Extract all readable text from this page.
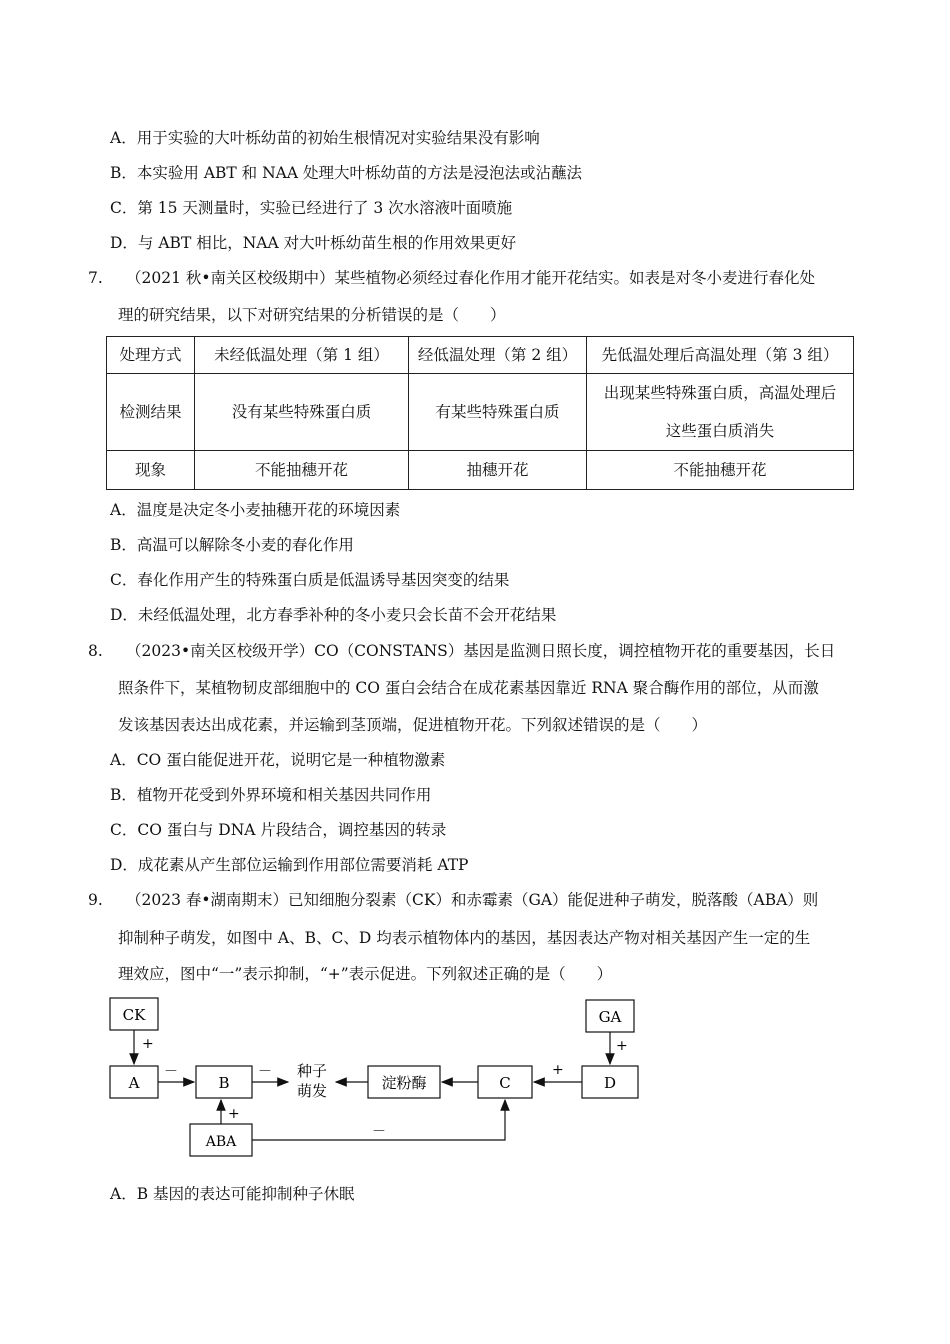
A．用于实验的大叶栎幼苗的初始生根情况对实验结果没有影响
B．本实验用 ABT 和 NAA 处理大叶栎幼苗的方法是浸泡法或沾蘸法
C．第 15 天测量时，实验已经进行了 3 次水溶液叶面喷施
D．与 ABT 相比，NAA 对大叶栎幼苗生根的作用效果更好
7. （2021 秋•南关区校级期中）某些植物必须经过春化作用才能开花结实。如表是对冬小麦进行春化处
理的研究结果，以下对研究结果的分析错误的是（　　）
处理方式	未经低温处理（第 1 组）	经低温处理（第 2 组）	先低温处理后高温处理（第 3 组）
检测结果	没有某些特殊蛋白质	有某些特殊蛋白质	出现某些特殊蛋白质，高温处理后
这些蛋白质消失

现象	不能抽穗开花	抽穗开花	不能抽穗开花
A．温度是决定冬小麦抽穗开花的环境因素
B．高温可以解除冬小麦的春化作用
C．春化作用产生的特殊蛋白质是低温诱导基因突变的结果
D．未经低温处理，北方春季补种的冬小麦只会长苗不会开花结果
8. （2023•南关区校级开学）CO（CONSTANS）基因是监测日照长度，调控植物开花的重要基因，长日
照条件下，某植物韧皮部细胞中的 CO 蛋白会结合在成花素基因靠近 RNA 聚合酶作用的部位，从而激
发该基因表达出成花素，并运输到茎顶端，促进植物开花。下列叙述错误的是（　　）
A．CO 蛋白能促进开花，说明它是一种植物激素
B．植物开花受到外界环境和相关基因共同作用
C．CO 蛋白与 DNA 片段结合，调控基因的转录
D．成花素从产生部位运输到作用部位需要消耗 ATP
9. （2023 春•湖南期末）已知细胞分裂素（CK）和赤霉素（GA）能促进种子萌发，脱落酸（ABA）则
抑制种子萌发，如图中 A、B、C、D 均表示植物体内的基因，基因表达产物对相关基因产生一定的生
理效应，图中“一”表示抑制，“+”表示促进。下列叙述正确的是（　　）
CK
+
A
－
B
－ 种子
萌发	淀粉酶	C
+
D
GA
+
ABA
+
－
A．B 基因的表达可能抑制种子休眠
